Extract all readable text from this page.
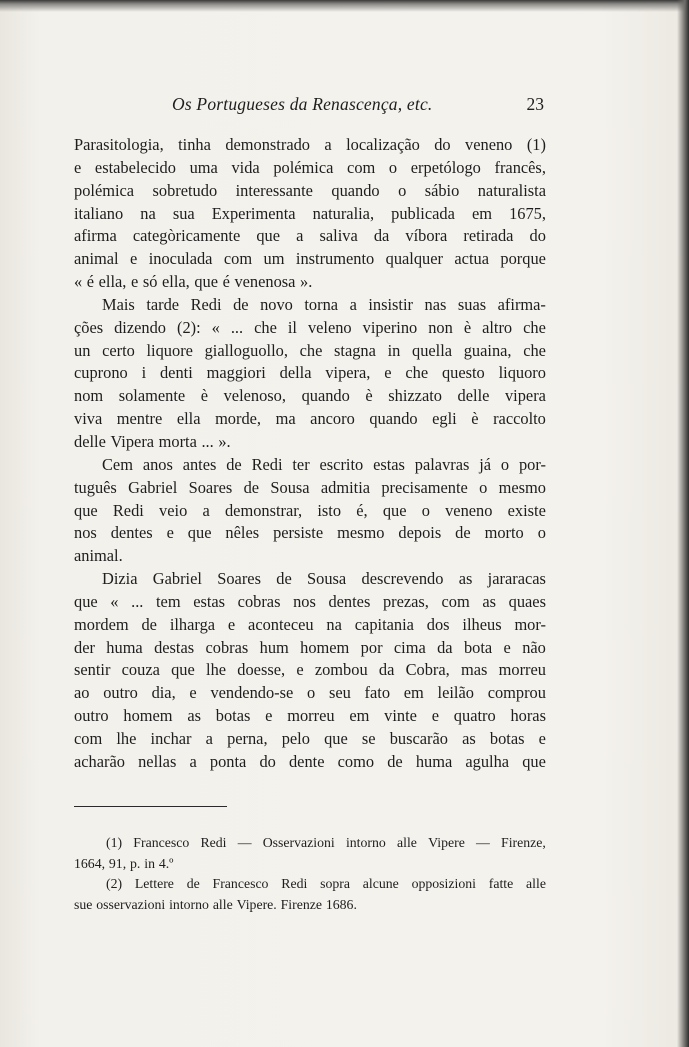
Os Portugueses da Renascença, etc.	23
Parasitologia, tinha demonstrado a localização do veneno (1)
e estabelecido uma vida polémica com o erpetólogo francês,
polémica sobretudo interessante quando o sábio naturalista
italiano na sua Experimenta naturalia, publicada em 1675,
afirma categòricamente que a saliva da víbora retirada do
animal e inoculada com um instrumento qualquer actua porque
« é ella, e só ella, que é venenosa ».
Mais tarde Redi de novo torna a insistir nas suas afirma-
ções dizendo (2): « ... che il veleno viperino non è altro che
un certo liquore gialloguollo, che stagna in quella guaina, che
cuprono i denti maggiori della vipera, e che questo liquoro
nom solamente è velenoso, quando è shizzato delle vipera
viva mentre ella morde, ma ancoro quando egli è raccolto
delle Vipera morta ... ».
Cem anos antes de Redi ter escrito estas palavras já o por-
tuguês Gabriel Soares de Sousa admitia precisamente o mesmo
que Redi veio a demonstrar, isto é, que o veneno existe
nos dentes e que nêles persiste mesmo depois de morto o
animal.
Dizia Gabriel Soares de Sousa descrevendo as jararacas
que « ... tem estas cobras nos dentes prezas, com as quaes
mordem de ilharga e aconteceu na capitania dos ilheus mor-
der huma destas cobras hum homem por cima da bota e não
sentir couza que lhe doesse, e zombou da Cobra, mas morreu
ao outro dia, e vendendo-se o seu fato em leilão comprou
outro homem as botas e morreu em vinte e quatro horas
com lhe inchar a perna, pelo que se buscarão as botas e
acharão nellas a ponta do dente como de huma agulha que
(1) Francesco Redi — Osservazioni intorno alle Vipere — Firenze,
1664, 91, p. in 4.º
(2) Lettere de Francesco Redi sopra alcune opposizioni fatte alle
sue osservazioni intorno alle Vipere. Firenze 1686.
